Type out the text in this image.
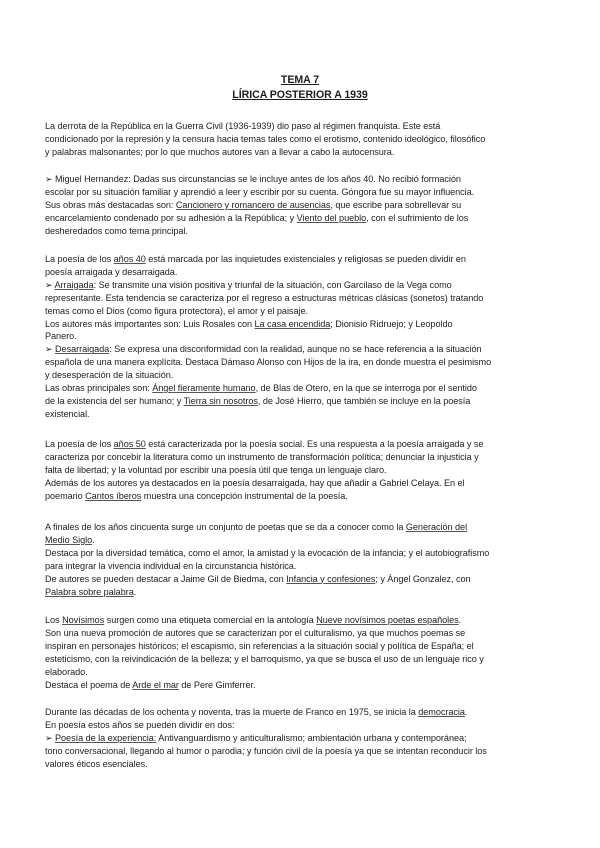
TEMA 7
LÍRICA POSTERIOR A 1939
La derrota de la República en la Guerra Civil (1936-1939) dio paso al régimen franquista. Este está
condicionado por la represión y la censura hacia temas tales como el erotismo, contenido ideológico, filosófico
y palabras malsonantes; por lo que muchos autores van a llevar a cabo la autocensura.
➢ Miguel Hernandez: Dadas sus circunstancias se le incluye antes de los años 40. No recibió formación
escolar por su situación familiar y aprendió a leer y escribir por su cuenta. Góngora fue su mayor influencia.
Sus obras más destacadas son: Cancionero y romancero de ausencias, que escribe para sobrellevar su
encarcelamiento condenado por su adhesión a la República; y Viento del pueblo, con el sufrimiento de los
desheredados como tema principal.
La poesía de los años 40 está marcada por las inquietudes existenciales y religiosas se pueden dividir en
poesía arraigada y desarraigada.
➢ Arraigada: Se transmite una visión positiva y triunfal de la situación, con Garcilaso de la Vega como
representante. Esta tendencia se caracteriza por el regreso a estructuras métricas clásicas (sonetos) tratando
temas como el Dios (como figura protectora), el amor y el paisaje.
Los autores más importantes son: Luis Rosales con La casa encendida; Dionisio Ridruejo; y Leopoldo
Panero.
➢ Desarraigada: Se expresa una disconformidad con la realidad, aunque no se hace referencia a la situación
española de una manera explícita. Destaca Dámaso Alonso con Hijos de la ira, en donde muestra el pesimismo
y desesperación de la situación.
Las obras principales son: Ángel fieramente humano, de Blas de Otero, en la que se interroga por el sentido
de la existencia del ser humano; y Tierra sin nosotros, de José Hierro, que también se incluye en la poesía
existencial.
La poesía de los años 50 está caracterizada por la poesía social. Es una respuesta a la poesía arraigada y se
caracteriza por concebir la literatura como un instrumento de transformación política; denunciar la injusticia y
falta de libertad; y la voluntad por escribir una poesía útil que tenga un lenguaje claro.
Además de los autores ya destacados en la poesía desarraigada, hay que añadir a Gabriel Celaya. En el
poemario Cantos íberos muestra una concepción instrumental de la poesía.
A finales de los años cincuenta surge un conjunto de poetas que se da a conocer como la Generación del
Medio Siglo.
Destaca por la diversidad temática, como el amor, la amistad y la evocación de la infancia; y el autobiografismo
para integrar la vivencia individual en la circunstancia histórica.
De autores se pueden destacar a Jaime Gil de Biedma, con Infancia y confesiones; y Ángel Gonzalez, con
Palabra sobre palabra.
Los Novísimos surgen como una etiqueta comercial en la antología Nueve novísimos poetas españoles.
Son una nueva promoción de autores que se caracterizan por el culturalismo, ya que muchos poemas se
inspiran en personajes históricos; el escapismo, sin referencias a la situación social y política de España; el
esteticismo, con la reivindicación de la belleza; y el barroquismo, ya que se busca el uso de un lenguaje rico y
elaborado.
Destaca el poema de Arde el mar de Pere Gimferrer.
Durante las décadas de los ochenta y noventa, tras la muerte de Franco en 1975, se inicia la democracia.
En poesía estos años se pueden dividir en dos:
➢ Poesía de la experiencia: Antivanguardismo y anticulturalismo; ambientación urbana y contemporánea;
tono conversacional, llegando al humor o parodia; y función civil de la poesía ya que se intentan reconducir los
valores éticos esenciales.
